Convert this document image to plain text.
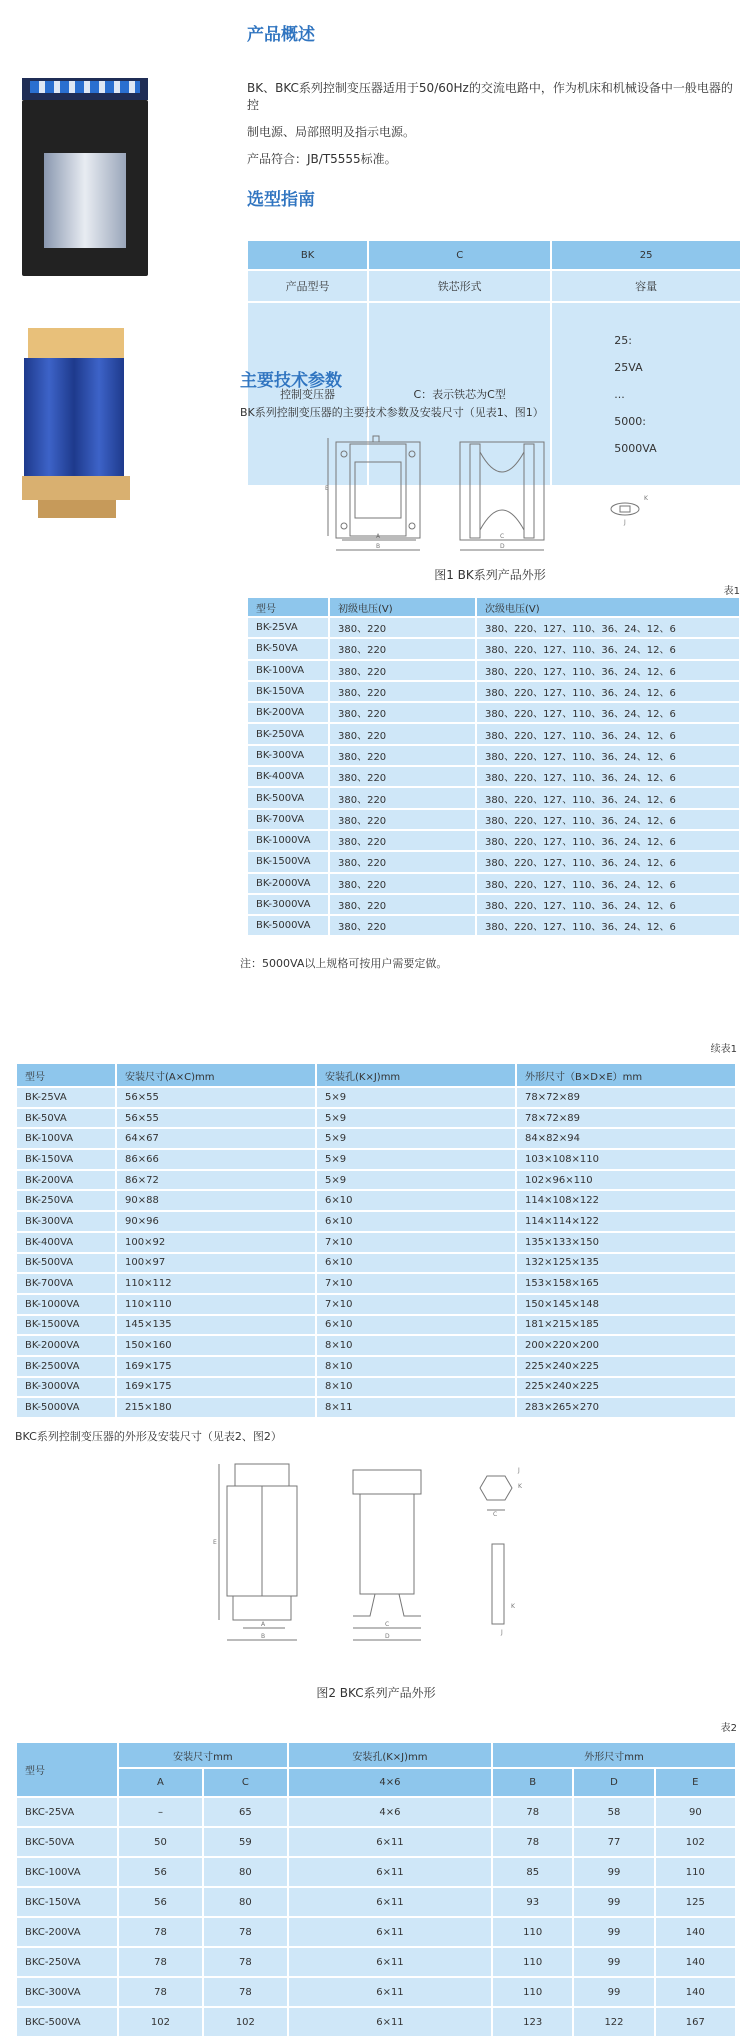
产品概述
BK、BKC系列控制变压器适用于50/60Hz的交流电路中，作为机床和机械设备中一般电器的控
制电源、局部照明及指示电源。
产品符合：JB/T5555标准。
选型指南
BK	C	25
产品型号	铁芯形式	容量
控制变压器	C：表示铁芯为C型	25:
25VA
...
5000:
5000VA
主要技术参数
BK系列控制变压器的主要技术参数及安装尺寸（见表1、图1）
E
A
B
C
D
K
J
图1 BK系列产品外形
表1
型号	初级电压(V)	次级电压(V)
BK-25VA	380、220	380、220、127、110、36、24、12、6
BK-50VA	380、220	380、220、127、110、36、24、12、6
BK-100VA	380、220	380、220、127、110、36、24、12、6
BK-150VA	380、220	380、220、127、110、36、24、12、6
BK-200VA	380、220	380、220、127、110、36、24、12、6
BK-250VA	380、220	380、220、127、110、36、24、12、6
BK-300VA	380、220	380、220、127、110、36、24、12、6
BK-400VA	380、220	380、220、127、110、36、24、12、6
BK-500VA	380、220	380、220、127、110、36、24、12、6
BK-700VA	380、220	380、220、127、110、36、24、12、6
BK-1000VA	380、220	380、220、127、110、36、24、12、6
BK-1500VA	380、220	380、220、127、110、36、24、12、6
BK-2000VA	380、220	380、220、127、110、36、24、12、6
BK-3000VA	380、220	380、220、127、110、36、24、12、6
BK-5000VA	380、220	380、220、127、110、36、24、12、6
注：5000VA以上规格可按用户需要定做。
续表1
型号	安装尺寸(A×C)mm	安装孔(K×J)mm	外形尺寸（B×D×E）mm
BK-25VA	56×55	5×9	78×72×89
BK-50VA	56×55	5×9	78×72×89
BK-100VA	64×67	5×9	84×82×94
BK-150VA	86×66	5×9	103×108×110
BK-200VA	86×72	5×9	102×96×110
BK-250VA	90×88	6×10	114×108×122
BK-300VA	90×96	6×10	114×114×122
BK-400VA	100×92	7×10	135×133×150
BK-500VA	100×97	6×10	132×125×135
BK-700VA	110×112	7×10	153×158×165
BK-1000VA	110×110	7×10	150×145×148
BK-1500VA	145×135	6×10	181×215×185
BK-2000VA	150×160	8×10	200×220×200
BK-2500VA	169×175	8×10	225×240×225
BK-3000VA	169×175	8×10	225×240×225
BK-5000VA	215×180	8×11	283×265×270
BKC系列控制变压器的外形及安装尺寸（见表2、图2）
E
A
B
C
D
J
K
C
K
J
图2 BKC系列产品外形
表2
型号	安装尺寸mm		安装孔(K×J)mm	外形尺寸mm		
	A	C	4×6	B	D	E
BKC-25VA	–	65	4×6	78	58	90
BKC-50VA	50	59	6×11	78	77	102
BKC-100VA	56	80	6×11	85	99	110
BKC-150VA	56	80	6×11	93	99	125
BKC-200VA	78	78	6×11	110	99	140
BKC-250VA	78	78	6×11	110	99	140
BKC-300VA	78	78	6×11	110	99	140
BKC-500VA	102	102	6×11	123	122	167
